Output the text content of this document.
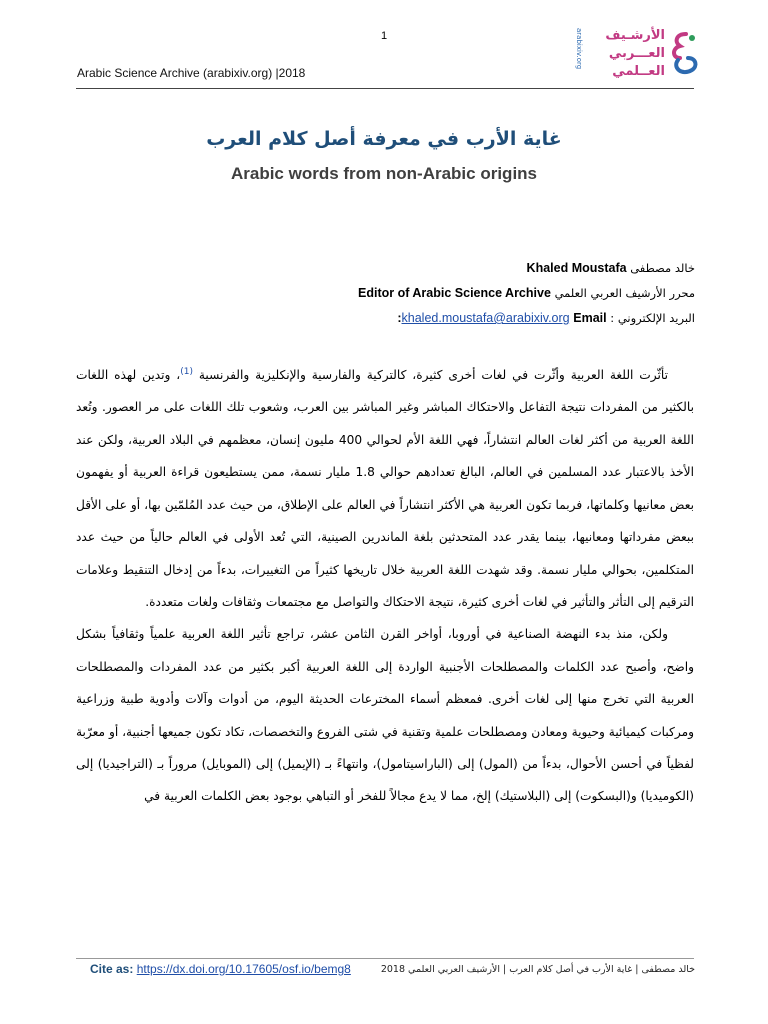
1
Arabic Science Archive (arabixiv.org) |2018
arabixiv.org الأرشـيف
العـــربي
العــلمي
غاية الأرب في معرفة أصل كلام العرب
Arabic words from non-Arabic origins
خالد مصطفى Khaled Moustafa
محرر الأرشيف العربي العلمي Editor of Arabic Science Archive
البريد الإلكتروني : khaled.moustafa@arabixiv.org Email:

تأثّرت اللغة العربية وأثّرت في لغات أخرى كثيرة، كالتركية والفارسية والإنكليزية والفرنسية $^{(1)}$، وتدين لهذه اللغات بالكثير من المفردات نتيجة التفاعل والاحتكاك المباشر وغير المباشر بين العرب، وشعوب تلك اللغات على مر العصور. وتُعد اللغة العربية من أكثر لغات العالم انتشاراً، فهي اللغة الأم لحوالي 400 مليون إنسان، معظمهم في البلاد العربية، ولكن عند الأخذ بالاعتبار عدد المسلمين في العالم، البالغ تعدادهم حوالي 1.8 مليار نسمة، ممن يستطيعون قراءة العربية أو يفهمون بعض معانيها وكلماتها، فربما تكون العربية هي الأكثر انتشاراً في العالم على الإطلاق، من حيث عدد المُلمّين بها، أو على الأقل ببعض مفرداتها ومعانيها، بينما يقدر عدد المتحدثين بلغة الماندرين الصينية، التي تُعد الأولى في العالم حالياً من حيث عدد المتكلمين، بحوالي مليار نسمة. وقد شهدت اللغة العربية خلال تاريخها كثيراً من التغييرات، بدءاً من إدخال التنقيط وعلامات الترقيم إلى التأثر والتأثير في لغات أخرى كثيرة، نتيجة الاحتكاك والتواصل مع مجتمعات وثقافات ولغات متعددة.

ولكن، منذ بدء النهضة الصناعية في أوروبا، أواخر القرن الثامن عشر، تراجع تأثير اللغة العربية علمياً وثقافياً بشكل واضح، وأصبح عدد الكلمات والمصطلحات الأجنبية الواردة إلى اللغة العربية أكبر بكثير من عدد المفردات والمصطلحات العربية التي تخرج منها إلى لغات أخرى. فمعظم أسماء المخترعات الحديثة اليوم، من أدوات وآلات وأدوية طبية وزراعية ومركبات كيميائية وحيوية ومعادن ومصطلحات علمية وتقنية في شتى الفروع والتخصصات، تكاد تكون جميعها أجنبية، أو معرّبة لفظياً في أحسن الأحوال، بدءاً من (المول) إلى (الباراسيتامول)، وانتهاءً بـ (الإيميل) إلى (الموبايل) مروراً بـ (التراجيديا) إلى (الكوميديا) و(البسكوت) إلى (البلاستيك) إلخ، مما لا يدع مجالاً للفخر أو التباهي بوجود بعض الكلمات العربية في

Cite as: https://dx.doi.org/10.17605/osf.io/bemg8	خالد مصطفى | غاية الأرب في أصل كلام العرب | الأرشيف العربي العلمي 2018
